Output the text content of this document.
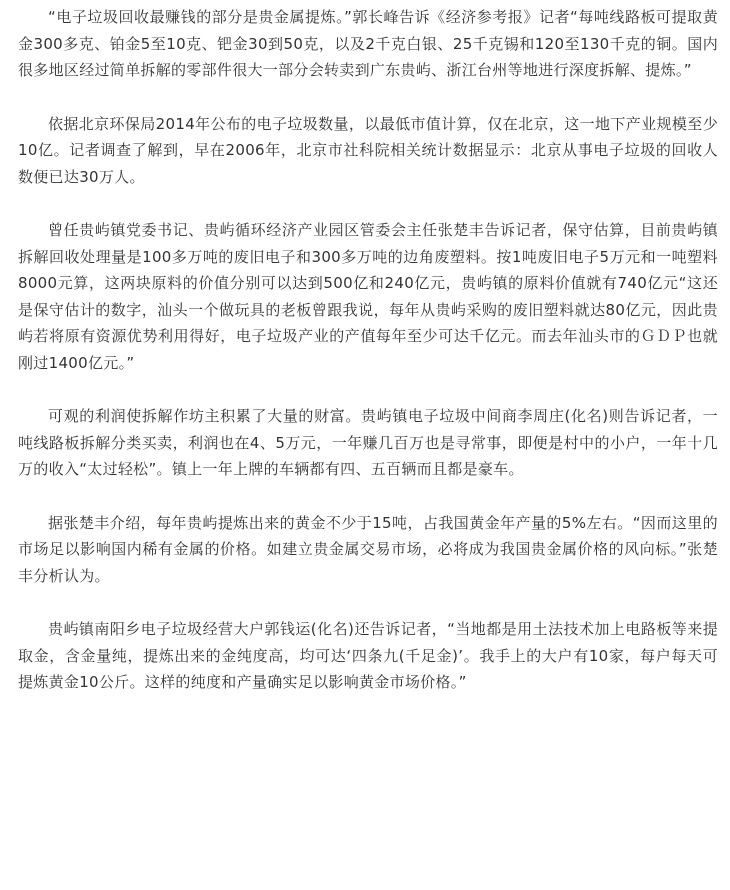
“电子垃圾回收最赚钱的部分是贵金属提炼。”郭长峰告诉《经济参考报》记者“每吨线路板可提取黄金300多克、铂金5至10克、钯金30到50克，以及2千克白银、25千克锡和120至130千克的铜。国内很多地区经过简单拆解的零部件很大一部分会转卖到广东贵屿、浙江台州等地进行深度拆解、提炼。”

依据北京环保局2014年公布的电子垃圾数量，以最低市值计算，仅在北京，这一地下产业规模至少10亿。记者调查了解到，早在2006年，北京市社科院相关统计数据显示：北京从事电子垃圾的回收人数便已达30万人。

曾任贵屿镇党委书记、贵屿循环经济产业园区管委会主任张楚丰告诉记者，保守估算，目前贵屿镇拆解回收处理量是100多万吨的废旧电子和300多万吨的边角废塑料。按1吨废旧电子5万元和一吨塑料8000元算，这两块原料的价值分别可以达到500亿和240亿元，贵屿镇的原料价值就有740亿元“这还是保守估计的数字，汕头一个做玩具的老板曾跟我说，每年从贵屿采购的废旧塑料就达80亿元，因此贵屿若将原有资源优势利用得好，电子垃圾产业的产值每年至少可达千亿元。而去年汕头市的ＧＤＰ也就刚过1400亿元。”

可观的利润使拆解作坊主积累了大量的财富。贵屿镇电子垃圾中间商李周庄(化名)则告诉记者，一吨线路板拆解分类买卖，利润也在4、5万元，一年赚几百万也是寻常事，即便是村中的小户，一年十几万的收入“太过轻松”。镇上一年上牌的车辆都有四、五百辆而且都是豪车。

据张楚丰介绍，每年贵屿提炼出来的黄金不少于15吨，占我国黄金年产量的5%左右。“因而这里的市场足以影响国内稀有金属的价格。如建立贵金属交易市场，必将成为我国贵金属价格的风向标。”张楚丰分析认为。

贵屿镇南阳乡电子垃圾经营大户郭钱运(化名)还告诉记者，“当地都是用土法技术加上电路板等来提取金，含金量纯，提炼出来的金纯度高，均可达‘四条九(千足金)’。我手上的大户有10家，每户每天可提炼黄金10公斤。这样的纯度和产量确实足以影响黄金市场价格。”
